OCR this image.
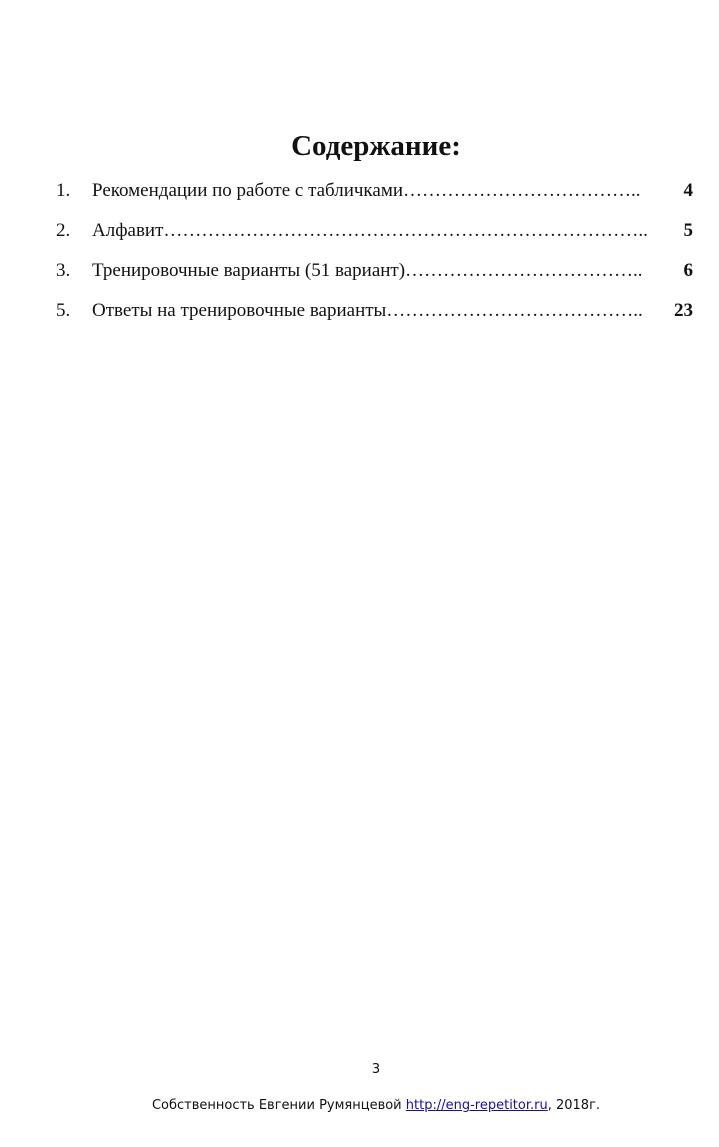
Содержание:
1. Рекомендации по работе с табличками……………………………….. 4
2. Алфавит………………………………………………………………….. 5
3. Тренировочные варианты (51 вариант)……………………………….. 6
5. Ответы на тренировочные варианты………………………………….. 23
3
Собственность Евгении Румянцевой http://eng-repetitor.ru, 2018г.
